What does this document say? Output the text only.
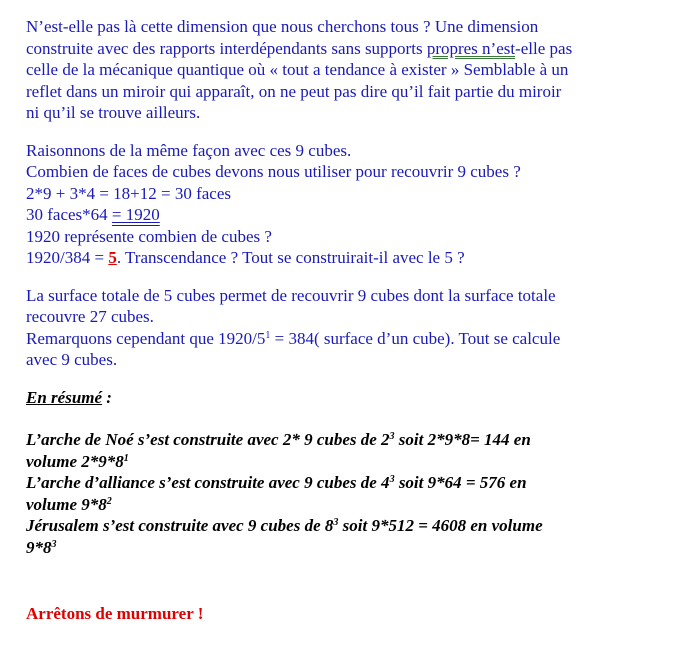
N’est-elle pas là cette dimension que nous cherchons tous ? Une dimension

construite avec des rapports interdépendants sans supports propres n’est-elle pas

celle de la mécanique quantique où « tout a tendance à exister » Semblable à un

reflet dans un miroir qui apparaît, on ne peut pas dire qu’il fait partie du miroir

ni qu’il se trouve ailleurs.

Raisonnons de la même façon avec ces 9 cubes.

Combien de faces de cubes devons nous utiliser pour recouvrir 9 cubes ?

2*9 + 3*4 = 18+12 = 30 faces

30 faces*64 = 1920

1920 représente combien de cubes ?

1920/384 = 5. Transcendance ? Tout se construirait-il avec le 5 ?

La surface totale de 5 cubes permet de recouvrir 9 cubes dont la surface totale

recouvre 27 cubes.

Remarquons cependant que $1920/5^1 = 384$( surface d’un cube). Tout se calcule

avec 9 cubes.

En résumé :

L’arche de Noé s’est construite avec 2* 9 cubes de $2^3$ soit 2*9*8= 144 en

volume $2*9*8^1$

L’arche d’alliance s’est construite avec 9 cubes de $4^3$ soit 9*64 = 576 en

volume $9*8^2$

Jérusalem s’est construite avec 9 cubes de $8^3$ soit 9*512 = 4608 en volume

$9*8^3$

Arrêtons de murmurer !
